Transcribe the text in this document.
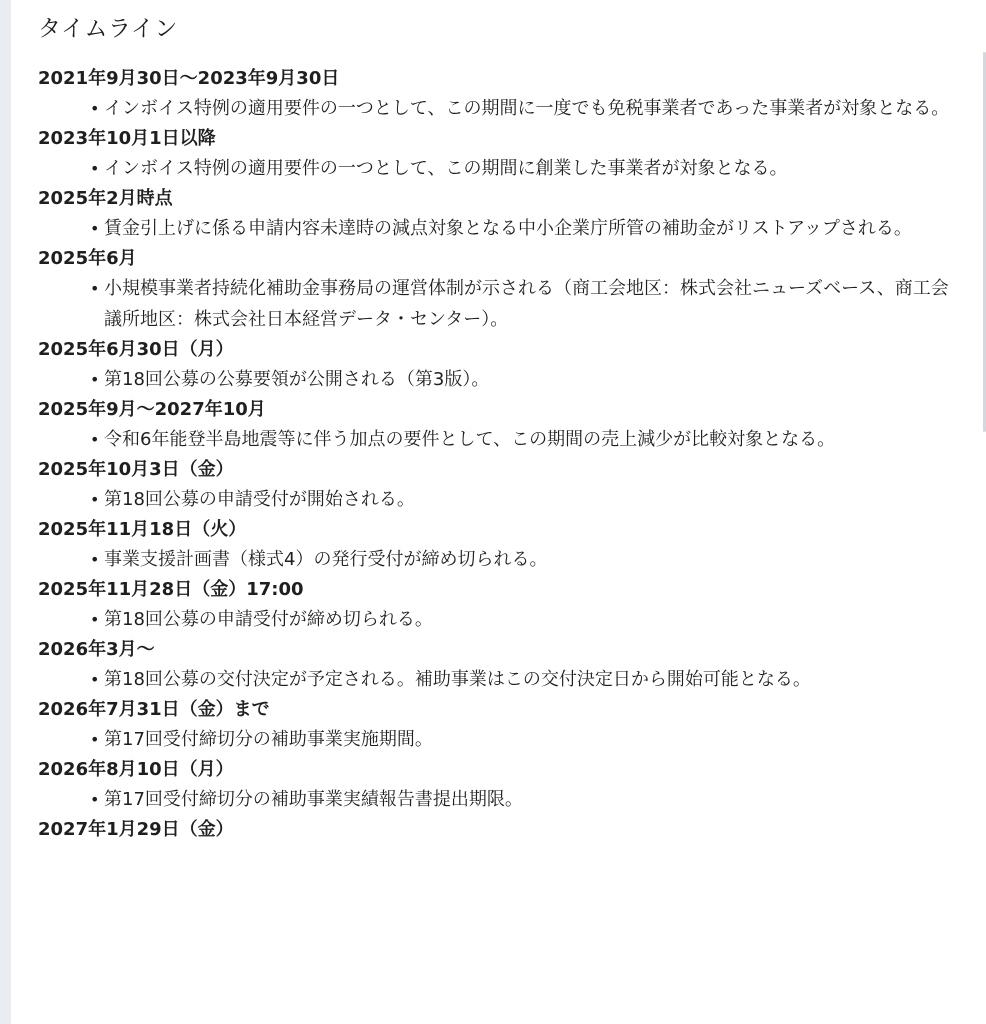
タイムライン
2021年9月30日〜2023年9月30日
• インボイス特例の適用要件の一つとして、この期間に一度でも免税事業者であった事業者が対象となる。
2023年10月1日以降
• インボイス特例の適用要件の一つとして、この期間に創業した事業者が対象となる。
2025年2月時点
• 賃金引上げに係る申請内容未達時の減点対象となる中小企業庁所管の補助金がリストアップされる。
2025年6月
• 小規模事業者持続化補助金事務局の運営体制が示される（商工会地区：株式会社ニューズベース、商工会議所地区：株式会社日本経営データ・センター）。
2025年6月30日（月）
• 第18回公募の公募要領が公開される（第3版）。
2025年9月〜2027年10月
• 令和6年能登半島地震等に伴う加点の要件として、この期間の売上減少が比較対象となる。
2025年10月3日（金）
• 第18回公募の申請受付が開始される。
2025年11月18日（火）
• 事業支援計画書（様式4）の発行受付が締め切られる。
2025年11月28日（金）17:00
• 第18回公募の申請受付が締め切られる。
2026年3月〜
• 第18回公募の交付決定が予定される。補助事業はこの交付決定日から開始可能となる。
2026年7月31日（金）まで
• 第17回受付締切分の補助事業実施期間。
2026年8月10日（月）
• 第17回受付締切分の補助事業実績報告書提出期限。
2027年1月29日（金）
